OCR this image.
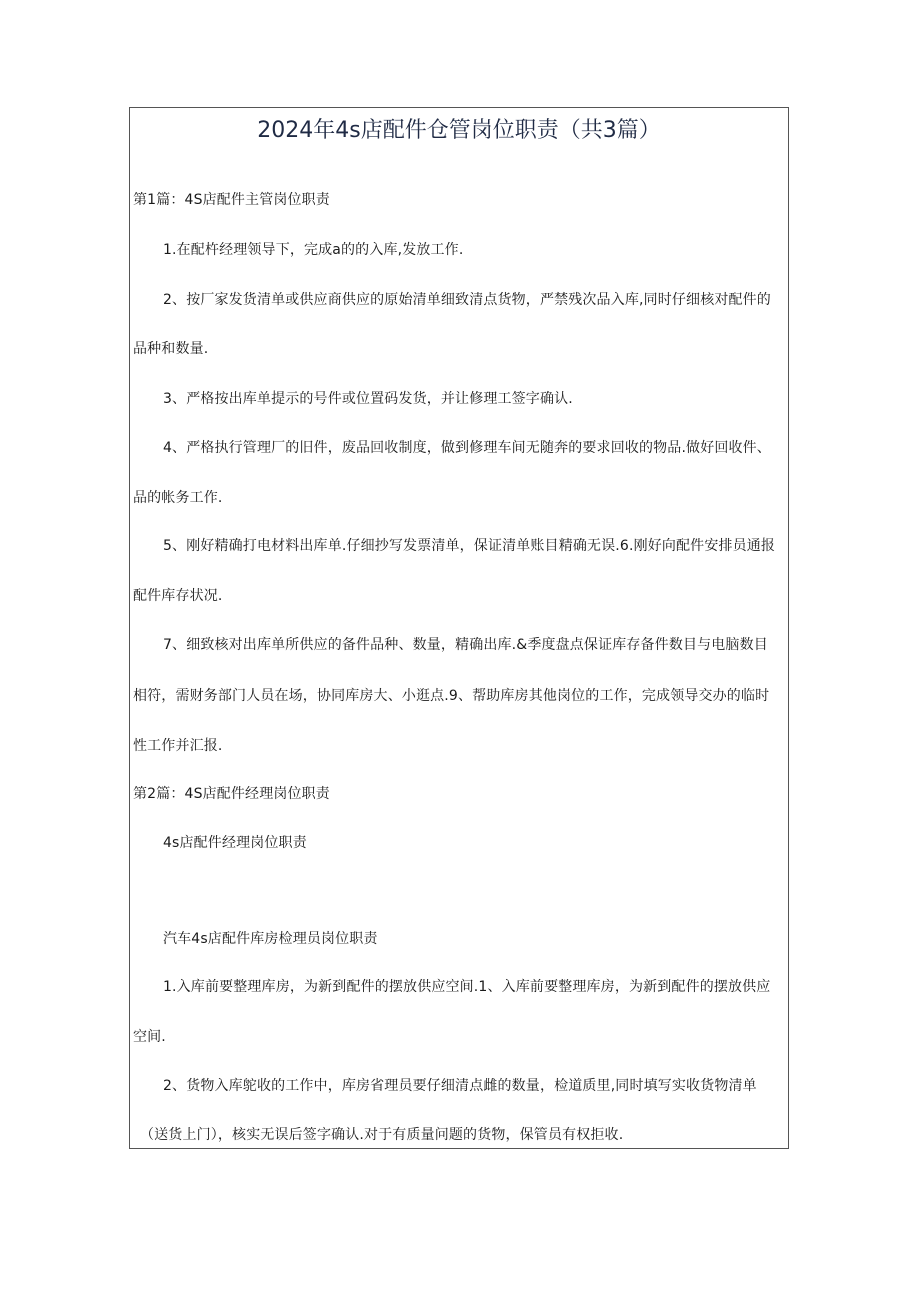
2024年4s店配件仓管岗位职责（共3篇）
第1篇：4S店配件主管岗位职责
1.在配杵经理领导下，完成a的的入库,发放工作.
2、按厂家发货清单或供应商供应的原始清单细致清点货物，严禁残次品入库,同时仔细核对配件的
品种和数量.
3、严格按出库单提示的号件或位置码发货，并让修理工签字确认.
4、严格执行管理厂的旧件，废品回收制度，做到修理车间无随奔的要求回收的物品.做好回收件、
品的帐务工作.
5、刚好精确打电材料出库单.仔细抄写发票清单，保证清单账目精确无误.6.刚好向配件安排员通报
配件库存状况.
7、细致核对出库单所供应的备件品种、数量，精确出库.&季度盘点保证库存备件数目与电脑数目
相符，需财务部门人员在场，协同库房大、小逛点.9、帮助库房其他岗位的工作，完成领导交办的临时
性工作并汇报.
第2篇：4S店配件经理岗位职责
4s店配件经理岗位职责
汽车4s店配件库房检理员岗位职责
1.入库前要整理库房，为新到配件的摆放供应空间.1、入库前要整理库房，为新到配件的摆放供应
空间.
2、货物入库鸵收的工作中，库房省理员要仔细清点雌的数量，检道质里,同时填写实收货物清单
（送货上门），核实无误后签字确认.对于有质量问题的货物，保管员有权拒收.
